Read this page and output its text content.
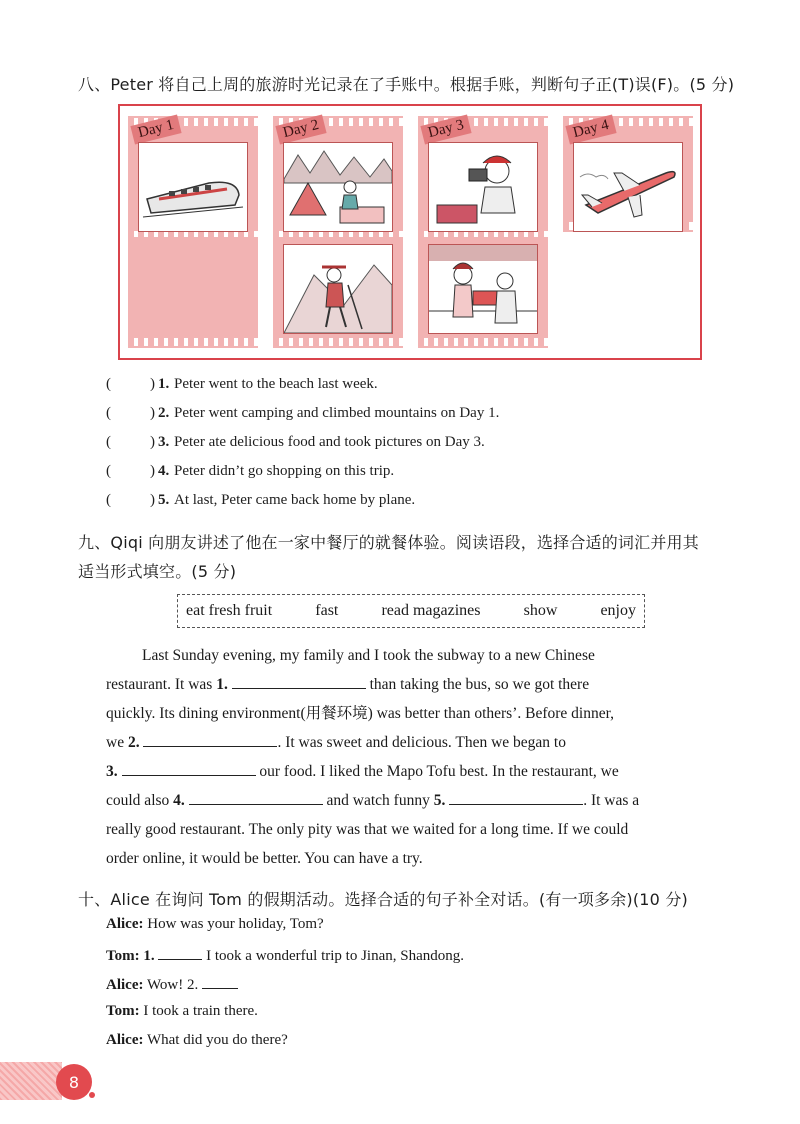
八、Peter 将自己上周的旅游时光记录在了手账中。根据手账，判断句子正(T)误(F)。(5 分)
Day 1	Day 2	Day 3	Day 4
(	) 1. Peter went to the beach last week.
(	) 2. Peter went camping and climbed mountains on Day 1.
(	) 3. Peter ate delicious food and took pictures on Day 3.
(	) 4. Peter didn’t go shopping on this trip.
(	) 5. At last, Peter came back home by plane.
九、Qiqi 向朋友讲述了他在一家中餐厅的就餐体验。阅读语段，选择合适的词汇并用其
适当形式填空。(5 分)
eat fresh fruit	fast	read magazines	show	enjoy
Last Sunday evening, my family and I took the subway to a new Chinese
restaurant. It was 1.	than taking the bus, so we got there
quickly. Its dining environment(用餐环境) was better than others’. Before dinner,
we 2.	. It was sweet and delicious. Then we began to
3.	our food. I liked the Mapo Tofu best. In the restaurant, we
could also 4.	and watch funny 5.	. It was a
really good restaurant. The only pity was that we waited for a long time. If we could
order online, it would be better. You can have a try.
十、Alice 在询问 Tom 的假期活动。选择合适的句子补全对话。(有一项多余)(10 分)
Alice: How was your holiday, Tom?
Tom: 1.	I took a wonderful trip to Jinan, Shandong.
Alice: Wow! 2.
Tom: I took a train there.
Alice: What did you do there?
8
